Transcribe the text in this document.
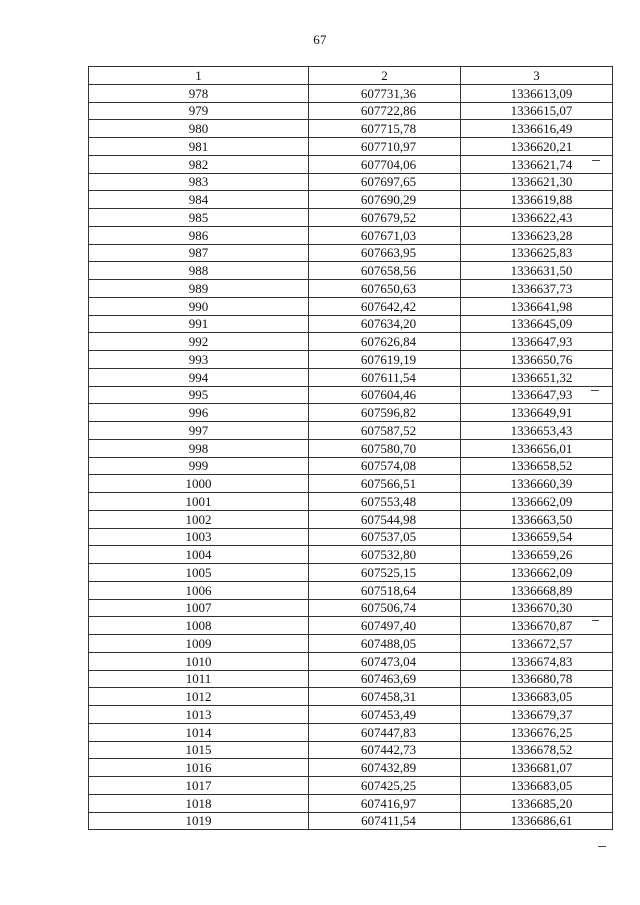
67
1	2	3
978	607731,36	1336613,09
979	607722,86	1336615,07
980	607715,78	1336616,49
981	607710,97	1336620,21
982	607704,06	1336621,74
983	607697,65	1336621,30
984	607690,29	1336619,88
985	607679,52	1336622,43
986	607671,03	1336623,28
987	607663,95	1336625,83
988	607658,56	1336631,50
989	607650,63	1336637,73
990	607642,42	1336641,98
991	607634,20	1336645,09
992	607626,84	1336647,93
993	607619,19	1336650,76
994	607611,54	1336651,32
995	607604,46	1336647,93
996	607596,82	1336649,91
997	607587,52	1336653,43
998	607580,70	1336656,01
999	607574,08	1336658,52
1000	607566,51	1336660,39
1001	607553,48	1336662,09
1002	607544,98	1336663,50
1003	607537,05	1336659,54
1004	607532,80	1336659,26
1005	607525,15	1336662,09
1006	607518,64	1336668,89
1007	607506,74	1336670,30
1008	607497,40	1336670,87
1009	607488,05	1336672,57
1010	607473,04	1336674,83
1011	607463,69	1336680,78
1012	607458,31	1336683,05
1013	607453,49	1336679,37
1014	607447,83	1336676,25
1015	607442,73	1336678,52
1016	607432,89	1336681,07
1017	607425,25	1336683,05
1018	607416,97	1336685,20
1019	607411,54	1336686,61
